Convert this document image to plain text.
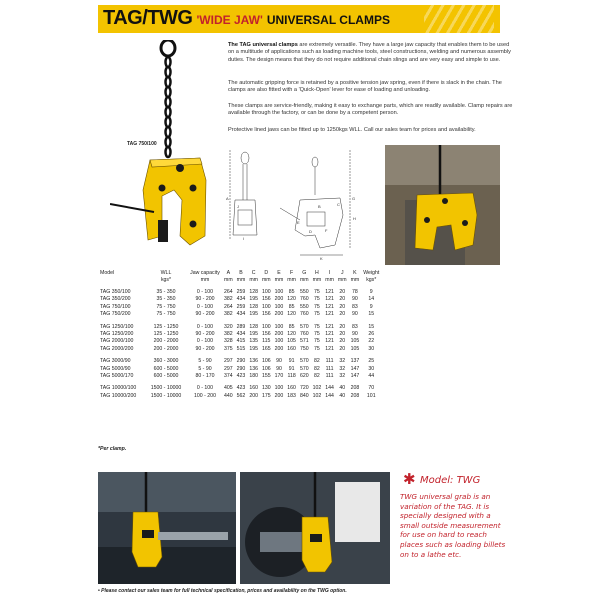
TAG/TWG 'WIDE JAW' UNIVERSAL CLAMPS
The TAG universal clamps are extremely versatile. They have a large jaw capacity that enables them to be used on a multitude of applications such as loading machine tools, steel constructions, welding and numerous assembly duties. The design means that they do not require additional chain slings and are very easy and simple to use.
The automatic gripping force is retained by a positive tension jaw spring, even if there is slack in the chain. The clamps are also fitted with a 'Quick-Open' lever for ease of loading and unloading.
These clamps are service-friendly, making it easy to exchange parts, which are readily available. Clamp repairs are available through the factory, or can be done by a competent person.
Protective lined jaws can be fitted up to 1250kgs WLL. Call our sales team for prices and availability.
TAG 750/100
A	G
H
K
B	C
D
E
F
I
J
Model	WLL	Jaw capacity	A	B	C	D	E	F	G	H	I	J	K	Weight
	kgs*	mm	mm	mm	mm	mm	mm	mm	mm	mm	mm	mm	mm	kgs*

TAG 350/100	35 - 350	0 - 100	264	259	128	100	100	85	550	75	121	20	78	9
TAG 350/200	35 - 350	90 - 200	382	434	195	156	200	120	760	75	121	20	90	14
TAG 750/100	75 - 750	0 - 100	264	259	128	100	100	85	550	75	121	20	83	9
TAG 750/200	75 - 750	90 - 200	382	434	195	156	200	120	760	75	121	20	90	15

TAG 1250/100	125 - 1250	0 - 100	320	289	128	100	100	85	570	75	121	20	83	15
TAG 1250/200	125 - 1250	90 - 200	382	434	195	156	200	120	760	75	121	20	90	26
TAG 2000/100	200 - 2000	0 - 100	328	415	135	115	100	105	571	75	121	20	105	22
TAG 2000/200	200 - 2000	90 - 200	375	515	195	165	200	160	750	75	121	20	105	30

TAG 3000/90	360 - 3000	5 - 90	297	290	136	106	90	91	570	82	111	32	137	25
TAG 5000/90	600 - 5000	5 - 90	297	290	136	106	90	91	570	82	111	32	147	30
TAG 5000/170	600 - 5000	80 - 170	374	423	180	155	170	118	620	82	111	32	147	44

TAG 10000/100	1500 - 10000	0 - 100	405	423	160	130	100	160	720	102	144	40	208	70
TAG 10000/200	1500 - 10000	100 - 200	440	562	200	175	200	183	840	102	144	40	208	101
*Per clamp.
✱ Model: TWG
TWG universal grab is an variation of the TAG. It is specially designed with a small outside measurement for use on hard to reach places such as loading billets on to a lathe etc.
• Please contact our sales team for full technical specification, prices and availability on the TWG option.
